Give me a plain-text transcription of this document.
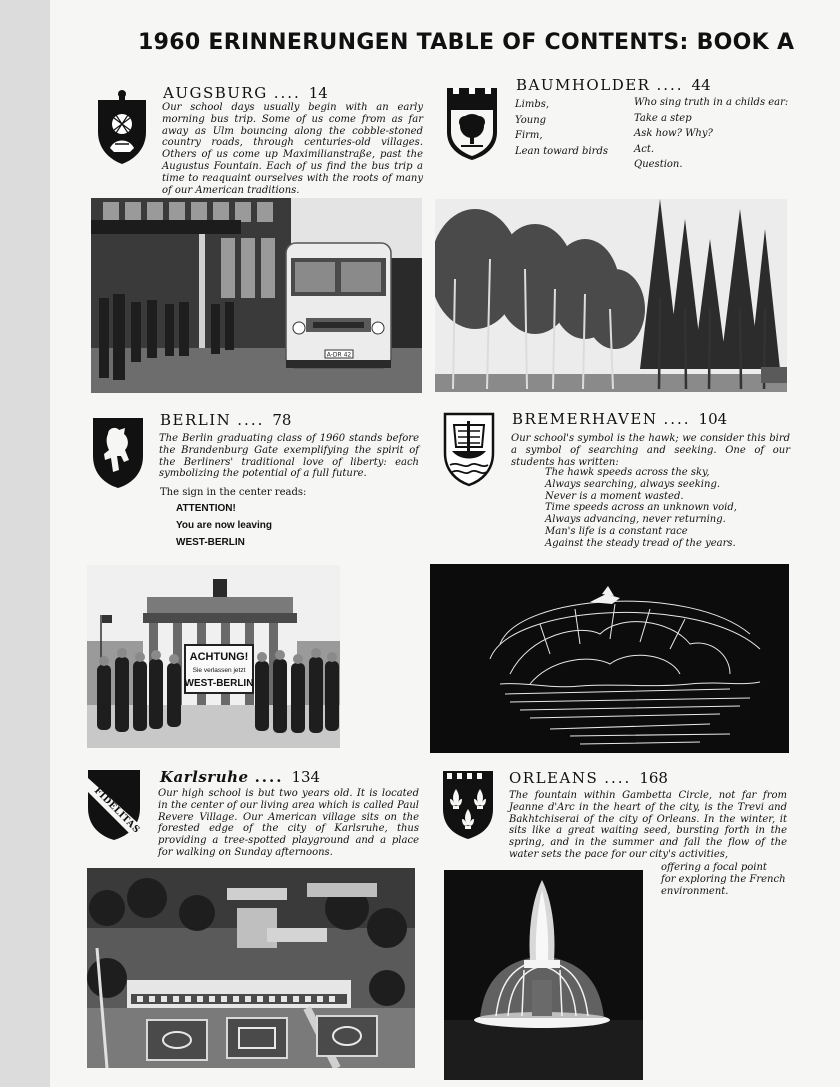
1960 ERINNERUNGEN TABLE OF CONTENTS: BOOK A
AUGSBURG .... 14
Our school days usually begin with an early morning bus trip. Some of us come from as far away as Ulm bouncing along the cobble-stoned country roads, through centuries-old villages. Others of us come up Maximilianstraße, past the Augustus Fountain. Each of us find the bus trip a time to reaquaint ourselves with the roots of many of our American traditions.
A-DR 42
BAUMHOLDER .... 44
Limbs,
Young
Firm,
Lean toward birds
Who sing truth in a childs ear:
Take a step
Ask how? Why?
Act.
Question.
BERLIN .... 78
The Berlin graduating class of 1960 stands before the Brandenburg Gate exemplifying the spirit of the Berliners' traditional love of liberty: each symbolizing the potential of a full future.
The sign in the center reads:
ATTENTION!
You are now leaving
WEST-BERLIN
ACHTUNG!
Sie verlassen jetzt
WEST-BERLIN
BREMERHAVEN .... 104
Our school's symbol is the hawk; we consider this bird a symbol of searching and seeking. One of our students has written:
The hawk speeds across the sky,
Always searching, always seeking.
Never is a moment wasted.
Time speeds across an unknown void,
Always advancing, never returning.
Man's life is a constant race
Against the steady tread of the years.
FIDELITAS
Karlsruhe .... 134
Our high school is but two years old. It is located in the center of our living area which is called Paul Revere Village. Our American village sits on the forested edge of the city of Karlsruhe, thus providing a tree-spotted playground and a place for walking on Sunday afternoons.
ORLEANS .... 168
The fountain within Gambetta Circle, not far from Jeanne d'Arc in the heart of the city, is the Trevi and Bakhtchiserai of the city of Orleans. In the winter, it sits like a great waiting seed, bursting forth in the spring, and in the summer and fall the flow of the water sets the pace for our city's activities,
offering a focal point
for exploring the French
environment.
